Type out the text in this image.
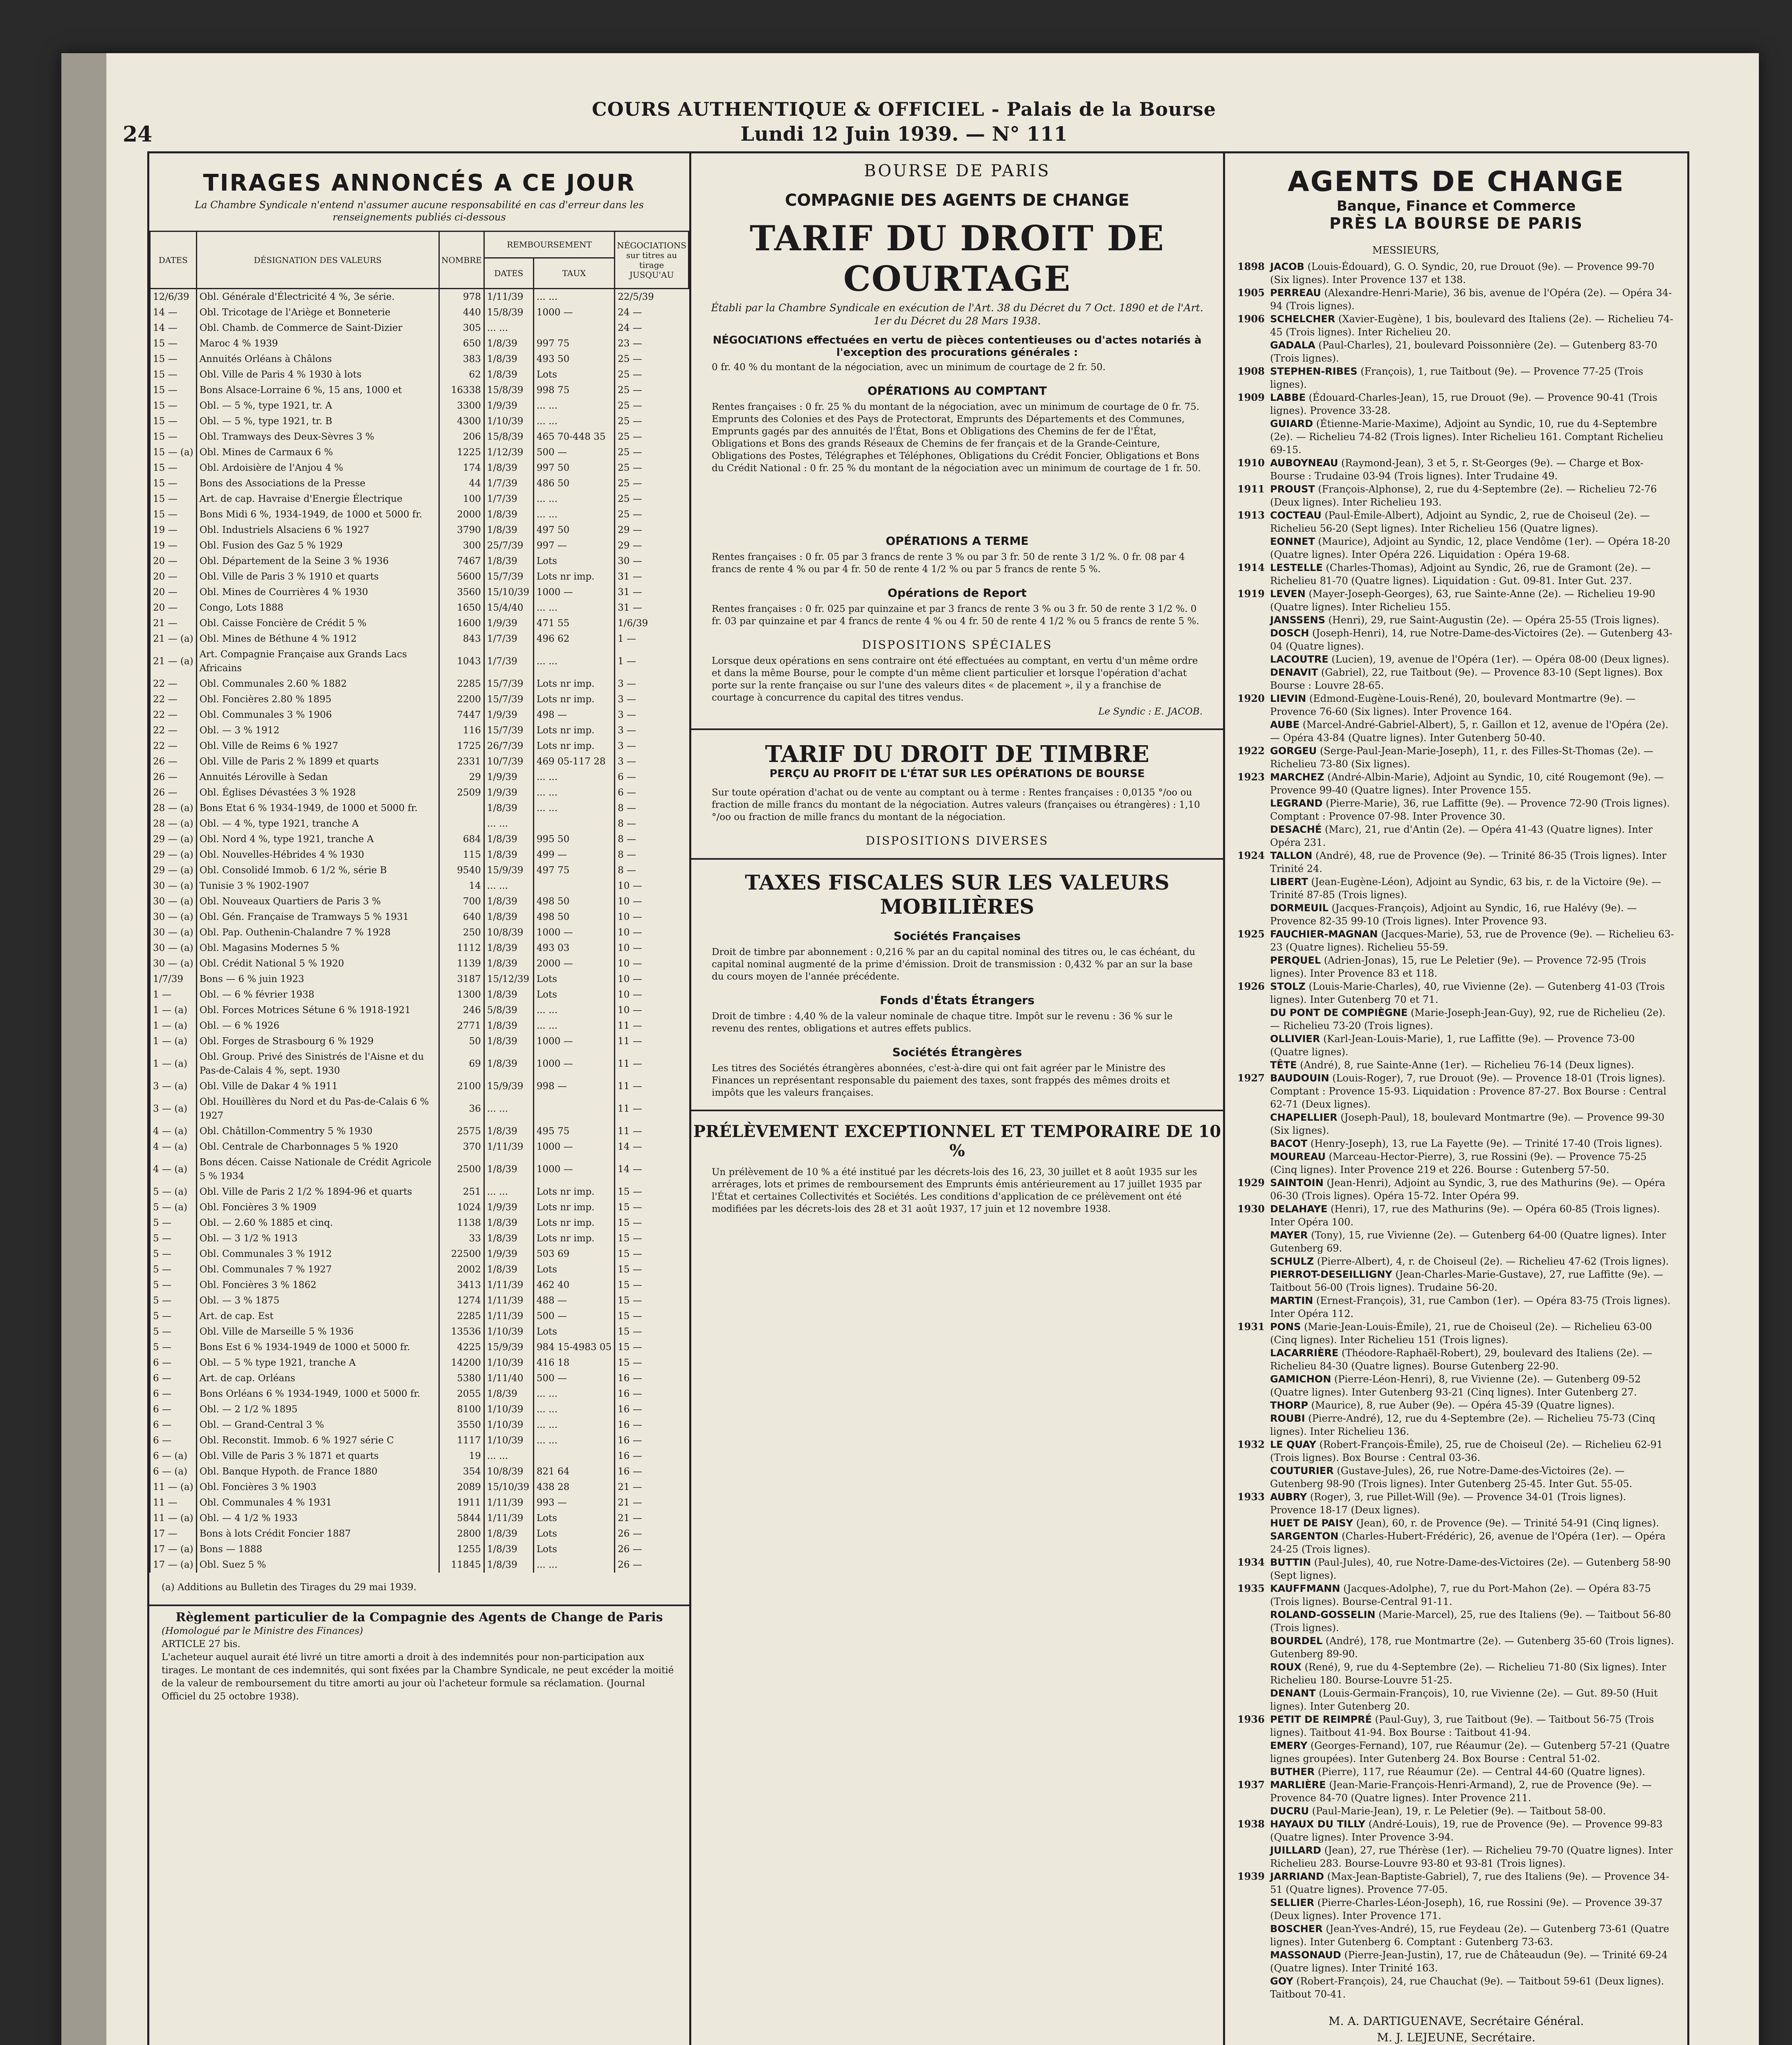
24
COURS AUTHENTIQUE & OFFICIEL - Palais de la Bourse
Lundi 12 Juin 1939. — N° 111
TIRAGES ANNONCÉS A CE JOUR
La Chambre Syndicale n'entend n'assumer aucune responsabilité en cas d'erreur dans les renseignements publiés ci-dessous
DATES	DÉSIGNATION DES VALEURS	NOMBRE	REMBOURSEMENT		NÉGOCIATIONS sur titres au tirage JUSQU'AU
			DATES	TAUX	
12/6/39	Obl. Générale d'Électricité 4 %, 3e série.	978	1/11/39	... ...	22/5/39
14 —	Obl. Tricotage de l'Ariège et Bonneterie	440	15/8/39	1000 —	24 —
14 —	Obl. Chamb. de Commerce de Saint-Dizier	305	... ...		24 —
15 —	Maroc 4 % 1939	650	1/8/39	997 75	23 —
15 —	Annuités Orléans à Châlons	383	1/8/39	493 50	25 —
15 —	Obl. Ville de Paris 4 % 1930 à lots	62	1/8/39	Lots	25 —
15 —	Bons Alsace-Lorraine 6 %, 15 ans, 1000 et	16338	15/8/39	998 75	25 —
15 —	Obl. — 5 %, type 1921, tr. A	3300	1/9/39	... ...	25 —
15 —	Obl. — 5 %, type 1921, tr. B	4300	1/10/39	... ...	25 —
15 —	Obl. Tramways des Deux-Sèvres 3 %	206	15/8/39	465 70-448 35	25 —
15 — (a)	Obl. Mines de Carmaux 6 %	1225	1/12/39	500 —	25 —
15 —	Obl. Ardoisière de l'Anjou 4 %	174	1/8/39	997 50	25 —
15 —	Bons des Associations de la Presse	44	1/7/39	486 50	25 —
15 —	Art. de cap. Havraise d'Energie Électrique	100	1/7/39	... ...	25 —
15 —	Bons Midi 6 %, 1934-1949, de 1000 et 5000 fr.	2000	1/8/39	... ...	25 —
19 —	Obl. Industriels Alsaciens 6 % 1927	3790	1/8/39	497 50	29 —
19 —	Obl. Fusion des Gaz 5 % 1929	300	25/7/39	997 —	29 —
20 —	Obl. Département de la Seine 3 % 1936	7467	1/8/39	Lots	30 —
20 —	Obl. Ville de Paris 3 % 1910 et quarts	5600	15/7/39	Lots nr imp.	31 —
20 —	Obl. Mines de Courrières 4 % 1930	3560	15/10/39	1000 —	31 —
20 —	Congo, Lots 1888	1650	15/4/40	... ...	31 —
21 —	Obl. Caisse Foncière de Crédit 5 %	1600	1/9/39	471 55	1/6/39
21 — (a)	Obl. Mines de Béthune 4 % 1912	843	1/7/39	496 62	1 —
21 — (a)	Art. Compagnie Française aux Grands Lacs Africains	1043	1/7/39	... ...	1 —
22 —	Obl. Communales 2.60 % 1882	2285	15/7/39	Lots nr imp.	3 —
22 —	Obl. Foncières 2.80 % 1895	2200	15/7/39	Lots nr imp.	3 —
22 —	Obl. Communales 3 % 1906	7447	1/9/39	498 —	3 —
22 —	Obl. — 3 % 1912	116	15/7/39	Lots nr imp.	3 —
22 —	Obl. Ville de Reims 6 % 1927	1725	26/7/39	Lots nr imp.	3 —
26 —	Obl. Ville de Paris 2 % 1899 et quarts	2331	10/7/39	469 05-117 28	3 —
26 —	Annuités Léroville à Sedan	29	1/9/39	... ...	6 —
26 —	Obl. Églises Dévastées 3 % 1928	2509	1/9/39	... ...	6 —
28 — (a)	Bons Etat 6 % 1934-1949, de 1000 et 5000 fr.		1/8/39	... ...	8 —
28 — (a)	Obl. — 4 %, type 1921, tranche A		... ...		8 —
29 — (a)	Obl. Nord 4 %, type 1921, tranche A	684	1/8/39	995 50	8 —
29 — (a)	Obl. Nouvelles-Hébrides 4 % 1930	115	1/8/39	499 —	8 —
29 — (a)	Obl. Consolidé Immob. 6 1/2 %, série B	9540	15/9/39	497 75	8 —
30 — (a)	Tunisie 3 % 1902-1907	14	... ...		10 —
30 — (a)	Obl. Nouveaux Quartiers de Paris 3 %	700	1/8/39	498 50	10 —
30 — (a)	Obl. Gén. Française de Tramways 5 % 1931	640	1/8/39	498 50	10 —
30 — (a)	Obl. Pap. Outhenin-Chalandre 7 % 1928	250	10/8/39	1000 —	10 —
30 — (a)	Obl. Magasins Modernes 5 %	1112	1/8/39	493 03	10 —
30 — (a)	Obl. Crédit National 5 % 1920	1139	1/8/39	2000 —	10 —
1/7/39	Bons — 6 % juin 1923	3187	15/12/39	Lots	10 —
1 —	Obl. — 6 % février 1938	1300	1/8/39	Lots	10 —
1 — (a)	Obl. Forces Motrices Sétune 6 % 1918-1921	246	5/8/39	... ...	10 —
1 — (a)	Obl. — 6 % 1926	2771	1/8/39	... ...	11 —
1 — (a)	Obl. Forges de Strasbourg 6 % 1929	50	1/8/39	1000 —	11 —
1 — (a)	Obl. Group. Privé des Sinistrés de l'Aisne et du Pas-de-Calais 4 %, sept. 1930	69	1/8/39	1000 —	11 —
3 — (a)	Obl. Ville de Dakar 4 % 1911	2100	15/9/39	998 —	11 —
3 — (a)	Obl. Houillères du Nord et du Pas-de-Calais 6 % 1927	36	... ...		11 —
4 — (a)	Obl. Châtillon-Commentry 5 % 1930	2575	1/8/39	495 75	11 —
4 — (a)	Obl. Centrale de Charbonnages 5 % 1920	370	1/11/39	1000 —	14 —
4 — (a)	Bons décen. Caisse Nationale de Crédit Agricole 5 % 1934	2500	1/8/39	1000 —	14 —
5 — (a)	Obl. Ville de Paris 2 1/2 % 1894-96 et quarts	251	... ...	Lots nr imp.	15 —
5 — (a)	Obl. Foncières 3 % 1909	1024	1/9/39	Lots nr imp.	15 —
5 —	Obl. — 2.60 % 1885 et cinq.	1138	1/8/39	Lots nr imp.	15 —
5 —	Obl. — 3 1/2 % 1913	33	1/8/39	Lots nr imp.	15 —
5 —	Obl. Communales 3 % 1912	22500	1/9/39	503 69	15 —
5 —	Obl. Communales 7 % 1927	2002	1/8/39	Lots	15 —
5 —	Obl. Foncières 3 % 1862	3413	1/11/39	462 40	15 —
5 —	Obl. — 3 % 1875	1274	1/11/39	488 —	15 —
5 —	Art. de cap. Est	2285	1/11/39	500 —	15 —
5 —	Obl. Ville de Marseille 5 % 1936	13536	1/10/39	Lots	15 —
5 —	Bons Est 6 % 1934-1949 de 1000 et 5000 fr.	4225	15/9/39	984 15-4983 05	15 —
6 —	Obl. — 5 % type 1921, tranche A	14200	1/10/39	416 18	15 —
6 —	Art. de cap. Orléans	5380	1/11/40	500 —	16 —
6 —	Bons Orléans 6 % 1934-1949, 1000 et 5000 fr.	2055	1/8/39	... ...	16 —
6 —	Obl. — 2 1/2 % 1895	8100	1/10/39	... ...	16 —
6 —	Obl. — Grand-Central 3 %	3550	1/10/39	... ...	16 —
6 —	Obl. Reconstit. Immob. 6 % 1927 série C	1117	1/10/39	... ...	16 —
6 — (a)	Obl. Ville de Paris 3 % 1871 et quarts	19	... ...		16 —
6 — (a)	Obl. Banque Hypoth. de France 1880	354	10/8/39	821 64	16 —
11 — (a)	Obl. Foncières 3 % 1903	2089	15/10/39	438 28	21 —
11 —	Obl. Communales 4 % 1931	1911	1/11/39	993 —	21 —
11 — (a)	Obl. — 4 1/2 % 1933	5844	1/11/39	Lots	21 —
17 —	Bons à lots Crédit Foncier 1887	2800	1/8/39	Lots	26 —
17 — (a)	Bons — 1888	1255	1/8/39	Lots	26 —
17 — (a)	Obl. Suez 5 %	11845	1/8/39	... ...	26 —
(a) Additions au Bulletin des Tirages du 29 mai 1939.
Règlement particulier de la Compagnie des Agents de Change de Paris
(Homologué par le Ministre des Finances)
ARTICLE 27 bis.
L'acheteur auquel aurait été livré un titre amorti a droit à des indemnités pour non-participation aux tirages. Le montant de ces indemnités, qui sont fixées par la Chambre Syndicale, ne peut excéder la moitié de la valeur de remboursement du titre amorti au jour où l'acheteur formule sa réclamation. (Journal Officiel du 25 octobre 1938).
BOURSE DE PARIS
COMPAGNIE DES AGENTS DE CHANGE
TARIF DU DROIT DE COURTAGE
Établi par la Chambre Syndicale en exécution de l'Art. 38 du Décret du 7 Oct. 1890 et de l'Art. 1er du Décret du 28 Mars 1938.
NÉGOCIATIONS effectuées en vertu de pièces contentieuses ou d'actes notariés à l'exception des procurations générales :
0 fr. 40 % du montant de la négociation, avec un minimum de courtage de 2 fr. 50.
OPÉRATIONS AU COMPTANT
Rentes françaises : 0 fr. 25 % du montant de la négociation, avec un minimum de courtage de 0 fr. 75. Emprunts des Colonies et des Pays de Protectorat, Emprunts des Départements et des Communes, Emprunts gagés par des annuités de l'État, Bons et Obligations des Chemins de fer de l'État, Obligations et Bons des grands Réseaux de Chemins de fer français et de la Grande-Ceinture, Obligations des Postes, Télégraphes et Téléphones, Obligations du Crédit Foncier, Obligations et Bons du Crédit National : 0 fr. 25 % du montant de la négociation avec un minimum de courtage de 1 fr. 50.
OPÉRATIONS A TERME
Rentes françaises : 0 fr. 05 par 3 francs de rente 3 % ou par 3 fr. 50 de rente 3 1/2 %. 0 fr. 08 par 4 francs de rente 4 % ou par 4 fr. 50 de rente 4 1/2 % ou par 5 francs de rente 5 %.
Opérations de Report
Rentes françaises : 0 fr. 025 par quinzaine et par 3 francs de rente 3 % ou 3 fr. 50 de rente 3 1/2 %. 0 fr. 03 par quinzaine et par 4 francs de rente 4 % ou 4 fr. 50 de rente 4 1/2 % ou 5 francs de rente 5 %.
DISPOSITIONS SPÉCIALES
Lorsque deux opérations en sens contraire ont été effectuées au comptant, en vertu d'un même ordre et dans la même Bourse, pour le compte d'un même client particulier et lorsque l'opération d'achat porte sur la rente française ou sur l'une des valeurs dites « de placement », il y a franchise de courtage à concurrence du capital des titres vendus.
Le Syndic : E. JACOB.
TARIF DU DROIT DE TIMBRE
PERÇU AU PROFIT DE L'ÉTAT SUR LES OPÉRATIONS DE BOURSE
Sur toute opération d'achat ou de vente au comptant ou à terme : Rentes françaises : 0,0135 °/oo ou fraction de mille francs du montant de la négociation. Autres valeurs (françaises ou étrangères) : 1,10 °/oo ou fraction de mille francs du montant de la négociation.
DISPOSITIONS DIVERSES
TAXES FISCALES SUR LES VALEURS MOBILIÈRES
Sociétés Françaises
Droit de timbre par abonnement : 0,216 % par an du capital nominal des titres ou, le cas échéant, du capital nominal augmenté de la prime d'émission. Droit de transmission : 0,432 % par an sur la base du cours moyen de l'année précédente.
Fonds d'États Étrangers
Droit de timbre : 4,40 % de la valeur nominale de chaque titre. Impôt sur le revenu : 36 % sur le revenu des rentes, obligations et autres effets publics.
Sociétés Étrangères
Les titres des Sociétés étrangères abonnées, c'est-à-dire qui ont fait agréer par le Ministre des Finances un représentant responsable du paiement des taxes, sont frappés des mêmes droits et impôts que les valeurs françaises.
PRÉLÈVEMENT EXCEPTIONNEL ET TEMPORAIRE DE 10 %
Un prélèvement de 10 % a été institué par les décrets-lois des 16, 23, 30 juillet et 8 août 1935 sur les arrérages, lots et primes de remboursement des Emprunts émis antérieurement au 17 juillet 1935 par l'État et certaines Collectivités et Sociétés. Les conditions d'application de ce prélèvement ont été modifiées par les décrets-lois des 28 et 31 août 1937, 17 juin et 12 novembre 1938.
AGENTS DE CHANGE
Banque, Finance et Commerce
PRÈS LA BOURSE DE PARIS
MESSIEURS,
1898 JACOB (Louis-Édouard), G. O. Syndic, 20, rue Drouot (9e). — Provence 99-70 (Six lignes). Inter Provence 137 et 138.
1905 PERREAU (Alexandre-Henri-Marie), 36 bis, avenue de l'Opéra (2e). — Opéra 34-94 (Trois lignes).
1906 SCHELCHER (Xavier-Eugène), 1 bis, boulevard des Italiens (2e). — Richelieu 74-45 (Trois lignes). Inter Richelieu 20.
GADALA (Paul-Charles), 21, boulevard Poissonnière (2e). — Gutenberg 83-70 (Trois lignes).
1908 STEPHEN-RIBES (François), 1, rue Taitbout (9e). — Provence 77-25 (Trois lignes).
1909 LABBE (Édouard-Charles-Jean), 15, rue Drouot (9e). — Provence 90-41 (Trois lignes). Provence 33-28.
GUIARD (Étienne-Marie-Maxime), Adjoint au Syndic, 10, rue du 4-Septembre (2e). — Richelieu 74-82 (Trois lignes). Inter Richelieu 161. Comptant Richelieu 69-15.
1910 AUBOYNEAU (Raymond-Jean), 3 et 5, r. St-Georges (9e). — Charge et Box-Bourse : Trudaine 03-94 (Trois lignes). Inter Trudaine 49.
1911 PROUST (François-Alphonse), 2, rue du 4-Septembre (2e). — Richelieu 72-76 (Deux lignes). Inter Richelieu 193.
1913 COCTEAU (Paul-Émile-Albert), Adjoint au Syndic, 2, rue de Choiseul (2e). — Richelieu 56-20 (Sept lignes). Inter Richelieu 156 (Quatre lignes).
EONNET (Maurice), Adjoint au Syndic, 12, place Vendôme (1er). — Opéra 18-20 (Quatre lignes). Inter Opéra 226. Liquidation : Opéra 19-68.
1914 LESTELLE (Charles-Thomas), Adjoint au Syndic, 26, rue de Gramont (2e). — Richelieu 81-70 (Quatre lignes). Liquidation : Gut. 09-81. Inter Gut. 237.
1919 LEVEN (Mayer-Joseph-Georges), 63, rue Sainte-Anne (2e). — Richelieu 19-90 (Quatre lignes). Inter Richelieu 155.
JANSSENS (Henri), 29, rue Saint-Augustin (2e). — Opéra 25-55 (Trois lignes).
DOSCH (Joseph-Henri), 14, rue Notre-Dame-des-Victoires (2e). — Gutenberg 43-04 (Quatre lignes).
LACOUTRE (Lucien), 19, avenue de l'Opéra (1er). — Opéra 08-00 (Deux lignes).
DENAVIT (Gabriel), 22, rue Taitbout (9e). — Provence 83-10 (Sept lignes). Box Bourse : Louvre 28-65.
1920 LIEVIN (Edmond-Eugène-Louis-René), 20, boulevard Montmartre (9e). — Provence 76-60 (Six lignes). Inter Provence 164.
AUBE (Marcel-André-Gabriel-Albert), 5, r. Gaillon et 12, avenue de l'Opéra (2e). — Opéra 43-84 (Quatre lignes). Inter Gutenberg 50-40.
1922 GORGEU (Serge-Paul-Jean-Marie-Joseph), 11, r. des Filles-St-Thomas (2e). — Richelieu 73-80 (Six lignes).
1923 MARCHEZ (André-Albin-Marie), Adjoint au Syndic, 10, cité Rougemont (9e). — Provence 99-40 (Quatre lignes). Inter Provence 155.
LEGRAND (Pierre-Marie), 36, rue Laffitte (9e). — Provence 72-90 (Trois lignes). Comptant : Provence 07-98. Inter Provence 30.
DESACHÉ (Marc), 21, rue d'Antin (2e). — Opéra 41-43 (Quatre lignes). Inter Opéra 231.
1924 TALLON (André), 48, rue de Provence (9e). — Trinité 86-35 (Trois lignes). Inter Trinité 24.
LIBERT (Jean-Eugène-Léon), Adjoint au Syndic, 63 bis, r. de la Victoire (9e). — Trinité 87-85 (Trois lignes).
DORMEUIL (Jacques-François), Adjoint au Syndic, 16, rue Halévy (9e). — Provence 82-35 99-10 (Trois lignes). Inter Provence 93.
1925 FAUCHIER-MAGNAN (Jacques-Marie), 53, rue de Provence (9e). — Richelieu 63-23 (Quatre lignes). Richelieu 55-59.
PERQUEL (Adrien-Jonas), 15, rue Le Peletier (9e). — Provence 72-95 (Trois lignes). Inter Provence 83 et 118.
1926 STOLZ (Louis-Marie-Charles), 40, rue Vivienne (2e). — Gutenberg 41-03 (Trois lignes). Inter Gutenberg 70 et 71.
DU PONT DE COMPIÈGNE (Marie-Joseph-Jean-Guy), 92, rue de Richelieu (2e). — Richelieu 73-20 (Trois lignes).
OLLIVIER (Karl-Jean-Louis-Marie), 1, rue Laffitte (9e). — Provence 73-00 (Quatre lignes).
TÊTE (André), 8, rue Sainte-Anne (1er). — Richelieu 76-14 (Deux lignes).
1927 BAUDOUIN (Louis-Roger), 7, rue Drouot (9e). — Provence 18-01 (Trois lignes). Comptant : Provence 15-93. Liquidation : Provence 87-27. Box Bourse : Central 62-71 (Deux lignes).
CHAPELLIER (Joseph-Paul), 18, boulevard Montmartre (9e). — Provence 99-30 (Six lignes).
BACOT (Henry-Joseph), 13, rue La Fayette (9e). — Trinité 17-40 (Trois lignes).
MOUREAU (Marceau-Hector-Pierre), 3, rue Rossini (9e). — Provence 75-25 (Cinq lignes). Inter Provence 219 et 226. Bourse : Gutenberg 57-50.
1929 SAINTOIN (Jean-Henri), Adjoint au Syndic, 3, rue des Mathurins (9e). — Opéra 06-30 (Trois lignes). Opéra 15-72. Inter Opéra 99.
1930 DELAHAYE (Henri), 17, rue des Mathurins (9e). — Opéra 60-85 (Trois lignes). Inter Opéra 100.
MAYER (Tony), 15, rue Vivienne (2e). — Gutenberg 64-00 (Quatre lignes). Inter Gutenberg 69.
SCHULZ (Pierre-Albert), 4, r. de Choiseul (2e). — Richelieu 47-62 (Trois lignes).
PIERROT-DESEILLIGNY (Jean-Charles-Marie-Gustave), 27, rue Laffitte (9e). — Taitbout 56-00 (Trois lignes). Trudaine 56-20.
MARTIN (Ernest-François), 31, rue Cambon (1er). — Opéra 83-75 (Trois lignes). Inter Opéra 112.
1931 PONS (Marie-Jean-Louis-Émile), 21, rue de Choiseul (2e). — Richelieu 63-00 (Cinq lignes). Inter Richelieu 151 (Trois lignes).
LACARRIÈRE (Théodore-Raphaël-Robert), 29, boulevard des Italiens (2e). — Richelieu 84-30 (Quatre lignes). Bourse Gutenberg 22-90.
GAMICHON (Pierre-Léon-Henri), 8, rue Vivienne (2e). — Gutenberg 09-52 (Quatre lignes). Inter Gutenberg 93-21 (Cinq lignes). Inter Gutenberg 27.
THORP (Maurice), 8, rue Auber (9e). — Opéra 45-39 (Quatre lignes).
ROUBI (Pierre-André), 12, rue du 4-Septembre (2e). — Richelieu 75-73 (Cinq lignes). Inter Richelieu 136.
1932 LE QUAY (Robert-François-Émile), 25, rue de Choiseul (2e). — Richelieu 62-91 (Trois lignes). Box Bourse : Central 03-36.
COUTURIER (Gustave-Jules), 26, rue Notre-Dame-des-Victoires (2e). — Gutenberg 98-90 (Trois lignes). Inter Gutenberg 25-45. Inter Gut. 55-05.
1933 AUBRY (Roger), 3, rue Pillet-Will (9e). — Provence 34-01 (Trois lignes). Provence 18-17 (Deux lignes).
HUET DE PAISY (Jean), 60, r. de Provence (9e). — Trinité 54-91 (Cinq lignes).
SARGENTON (Charles-Hubert-Frédéric), 26, avenue de l'Opéra (1er). — Opéra 24-25 (Trois lignes).
1934 BUTTIN (Paul-Jules), 40, rue Notre-Dame-des-Victoires (2e). — Gutenberg 58-90 (Sept lignes).
1935 KAUFFMANN (Jacques-Adolphe), 7, rue du Port-Mahon (2e). — Opéra 83-75 (Trois lignes). Bourse-Central 91-11.
ROLAND-GOSSELIN (Marie-Marcel), 25, rue des Italiens (9e). — Taitbout 56-80 (Trois lignes).
BOURDEL (André), 178, rue Montmartre (2e). — Gutenberg 35-60 (Trois lignes). Gutenberg 89-90.
ROUX (René), 9, rue du 4-Septembre (2e). — Richelieu 71-80 (Six lignes). Inter Richelieu 180. Bourse-Louvre 51-25.
DENANT (Louis-Germain-François), 10, rue Vivienne (2e). — Gut. 89-50 (Huit lignes). Inter Gutenberg 20.
1936 PETIT DE REIMPRÉ (Paul-Guy), 3, rue Taitbout (9e). — Taitbout 56-75 (Trois lignes). Taitbout 41-94. Box Bourse : Taitbout 41-94.
EMERY (Georges-Fernand), 107, rue Réaumur (2e). — Gutenberg 57-21 (Quatre lignes groupées). Inter Gutenberg 24. Box Bourse : Central 51-02.
BUTHER (Pierre), 117, rue Réaumur (2e). — Central 44-60 (Quatre lignes).
1937 MARLIÈRE (Jean-Marie-François-Henri-Armand), 2, rue de Provence (9e). — Provence 84-70 (Quatre lignes). Inter Provence 211.
DUCRU (Paul-Marie-Jean), 19, r. Le Peletier (9e). — Taitbout 58-00.
1938 HAYAUX DU TILLY (André-Louis), 19, rue de Provence (9e). — Provence 99-83 (Quatre lignes). Inter Provence 3-94.
JUILLARD (Jean), 27, rue Thérèse (1er). — Richelieu 79-70 (Quatre lignes). Inter Richelieu 283. Bourse-Louvre 93-80 et 93-81 (Trois lignes).
1939 JARRIAND (Max-Jean-Baptiste-Gabriel), 7, rue des Italiens (9e). — Provence 34-51 (Quatre lignes). Provence 77-05.
SELLIER (Pierre-Charles-Léon-Joseph), 16, rue Rossini (9e). — Provence 39-37 (Deux lignes). Inter Provence 171.
BOSCHER (Jean-Yves-André), 15, rue Feydeau (2e). — Gutenberg 73-61 (Quatre lignes). Inter Gutenberg 6. Comptant : Gutenberg 73-63.
MASSONAUD (Pierre-Jean-Justin), 17, rue de Châteaudun (9e). — Trinité 69-24 (Quatre lignes). Inter Trinité 163.
GOY (Robert-François), 24, rue Chauchat (9e). — Taitbout 59-61 (Deux lignes). Taitbout 70-41.
M. A. DARTIGUENAVE, Secrétaire Général.
M. J. LEJEUNE, Secrétaire.
